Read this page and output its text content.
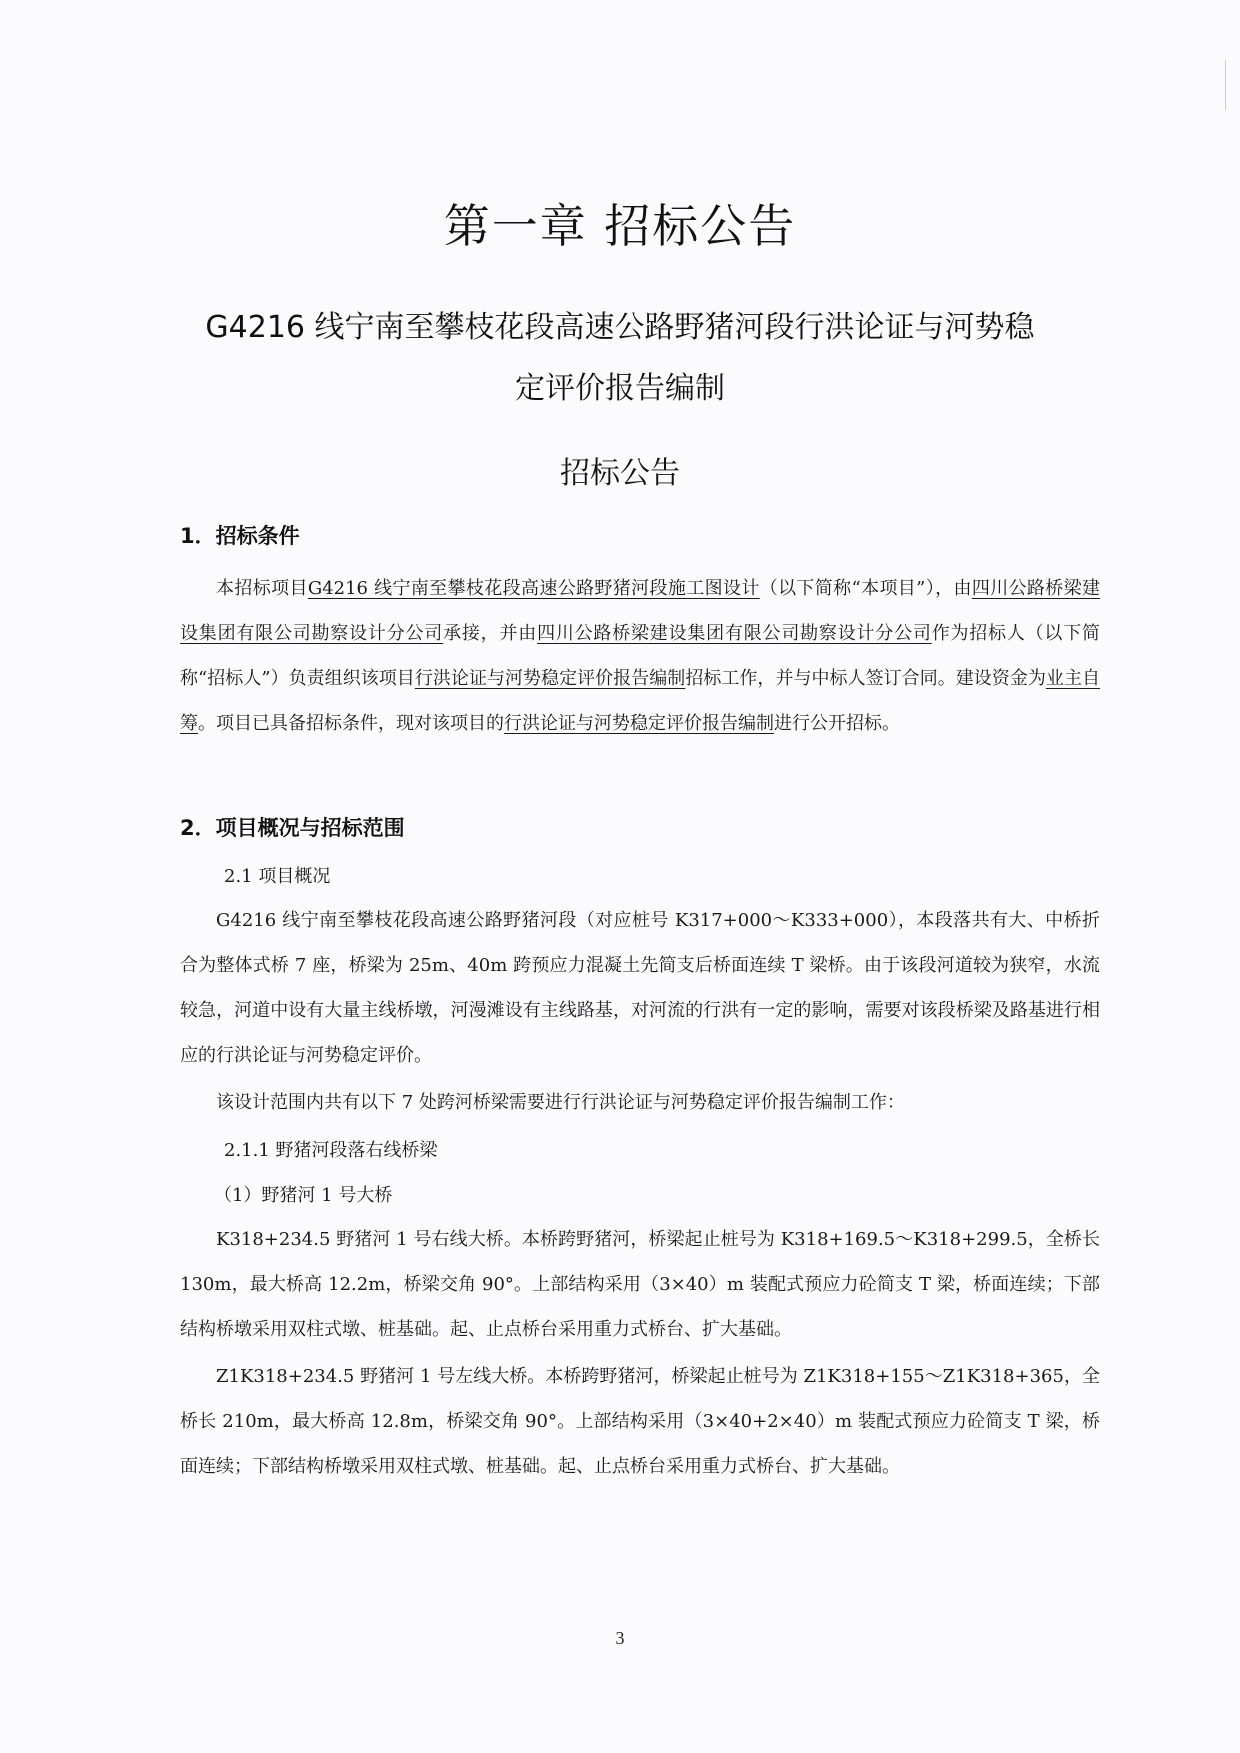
第一章 招标公告
G4216 线宁南至攀枝花段高速公路野猪河段行洪论证与河势稳
定评价报告编制
招标公告
1．招标条件
本招标项目G4216 线宁南至攀枝花段高速公路野猪河段施工图设计（以下简称“本项目”），由四川公路桥梁建设集团有限公司勘察设计分公司承接，并由四川公路桥梁建设集团有限公司勘察设计分公司作为招标人（以下简称“招标人”）负责组织该项目行洪论证与河势稳定评价报告编制招标工作，并与中标人签订合同。建设资金为业主自筹。项目已具备招标条件，现对该项目的行洪论证与河势稳定评价报告编制进行公开招标。
2．项目概况与招标范围
2.1 项目概况
G4216 线宁南至攀枝花段高速公路野猪河段（对应桩号 K317+000～K333+000），本段落共有大、中桥折合为整体式桥 7 座，桥梁为 25m、40m 跨预应力混凝土先简支后桥面连续 T 梁桥。由于该段河道较为狭窄，水流较急，河道中设有大量主线桥墩，河漫滩设有主线路基，对河流的行洪有一定的影响，需要对该段桥梁及路基进行相应的行洪论证与河势稳定评价。
该设计范围内共有以下 7 处跨河桥梁需要进行行洪论证与河势稳定评价报告编制工作：
2.1.1 野猪河段落右线桥梁
（1）野猪河 1 号大桥
K318+234.5 野猪河 1 号右线大桥。本桥跨野猪河，桥梁起止桩号为 K318+169.5～K318+299.5，全桥长 130m，最大桥高 12.2m，桥梁交角 90°。上部结构采用（3×40）m 装配式预应力砼简支 T 梁，桥面连续；下部结构桥墩采用双柱式墩、桩基础。起、止点桥台采用重力式桥台、扩大基础。
Z1K318+234.5 野猪河 1 号左线大桥。本桥跨野猪河，桥梁起止桩号为 Z1K318+155～Z1K318+365，全桥长 210m，最大桥高 12.8m，桥梁交角 90°。上部结构采用（3×40+2×40）m 装配式预应力砼简支 T 梁，桥面连续；下部结构桥墩采用双柱式墩、桩基础。起、止点桥台采用重力式桥台、扩大基础。
3
